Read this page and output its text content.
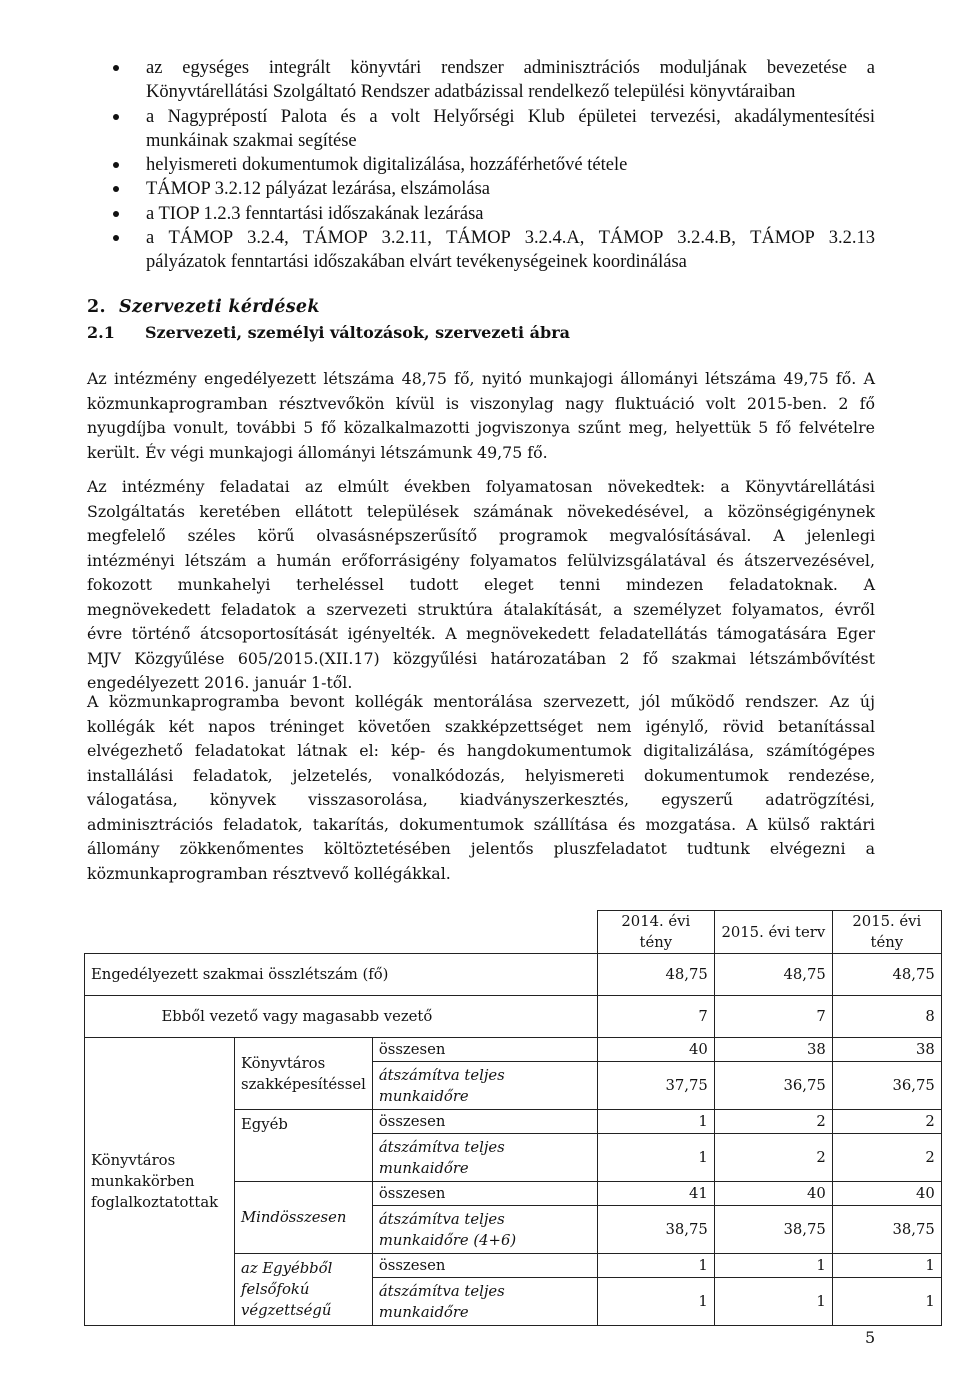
az egységes integrált könyvtári rendszer adminisztrációs moduljának bevezetése a
Könyvtárellátási Szolgáltató Rendszer adatbázissal rendelkező települési könyvtáraiban
a Nagyprépostí Palota és a volt Helyőrségi Klub épületei tervezési, akadálymentesítési
munkáinak szakmai segítése
helyismereti dokumentumok digitalizálása, hozzáférhetővé tétele
TÁMOP 3.2.12 pályázat lezárása, elszámolása
a TIOP 1.2.3 fenntartási időszakának lezárása
a TÁMOP 3.2.4, TÁMOP 3.2.11, TÁMOP 3.2.4.A, TÁMOP 3.2.4.B, TÁMOP 3.2.13
pályázatok fenntartási időszakában elvárt tevékenységeinek koordinálása
2. Szervezeti kérdések
2.1 Szervezeti, személyi változások, szervezeti ábra
Az intézmény engedélyezett létszáma 48,75 fő, nyitó munkajogi állományi létszáma 49,75 fő. A
közmunkaprogramban résztvevőkön kívül is viszonylag nagy fluktuáció volt 2015-ben. 2 fő
nyugdíjba vonult, további 5 fő közalkalmazotti jogviszonya szűnt meg, helyettük 5 fő felvételre
került. Év végi munkajogi állományi létszámunk 49,75 fő.
Az intézmény feladatai az elmúlt években folyamatosan növekedtek: a Könyvtárellátási
Szolgáltatás keretében ellátott települések számának növekedésével, a közönségigénynek
megfelelő széles körű olvasásnépszerűsítő programok megvalósításával. A jelenlegi
intézményi létszám a humán erőforrásigény folyamatos felülvizsgálatával és átszervezésével,
fokozott munkahelyi terheléssel tudott eleget tenni mindezen feladatoknak. A
megnövekedett feladatok a szervezeti struktúra átalakítását, a személyzet folyamatos, évről
évre történő átcsoportosítását igényelték. A megnövekedett feladatellátás támogatására Eger
MJV Közgyűlése 605/2015.(XII.17) közgyűlési határozatában 2 fő szakmai létszámbővítést
engedélyezett 2016. január 1-től.
A közmunkaprogramba bevont kollégák mentorálása szervezett, jól működő rendszer. Az új
kollégák két napos tréninget követően szakképzettséget nem igénylő, rövid betanítással
elvégezhető feladatokat látnak el: kép- és hangdokumentumok digitalizálása, számítógépes
installálási feladatok, jelzetelés, vonalkódozás, helyismereti dokumentumok rendezése,
válogatása, könyvek visszasorolása, kiadványszerkesztés, egyszerű adatrögzítési,
adminisztrációs feladatok, takarítás, dokumentumok szállítása és mozgatása. A külső raktári
állomány zökkenőmentes költöztetésében jelentős pluszfeladatot tudtunk elvégezni a
közmunkaprogramban résztvevő kollégákkal.
				2014. évi tény	2015. évi terv	2015. évi tény
Engedélyezett szakmai összlétszám (fő)				48,75	48,75	48,75
	Ebből vezető vagy magasabb vezető			7	7	8
Könyvtáros munkakörben foglalkoztatottak		Könyvtáros szakképesítéssel	összesen	40	38	38
			átszámítva teljes munkaidőre	37,75	36,75	36,75
		Egyéb	összesen	1	2	2
			átszámítva teljes munkaidőre	1	2	2
		Mindösszesen	összesen	41	40	40
			átszámítva teljes munkaidőre (4+6)	38,75	38,75	38,75
		az Egyébből felsőfokú végzettségű	összesen	1	1	1
			átszámítva teljes munkaidőre	1	1	1
5
